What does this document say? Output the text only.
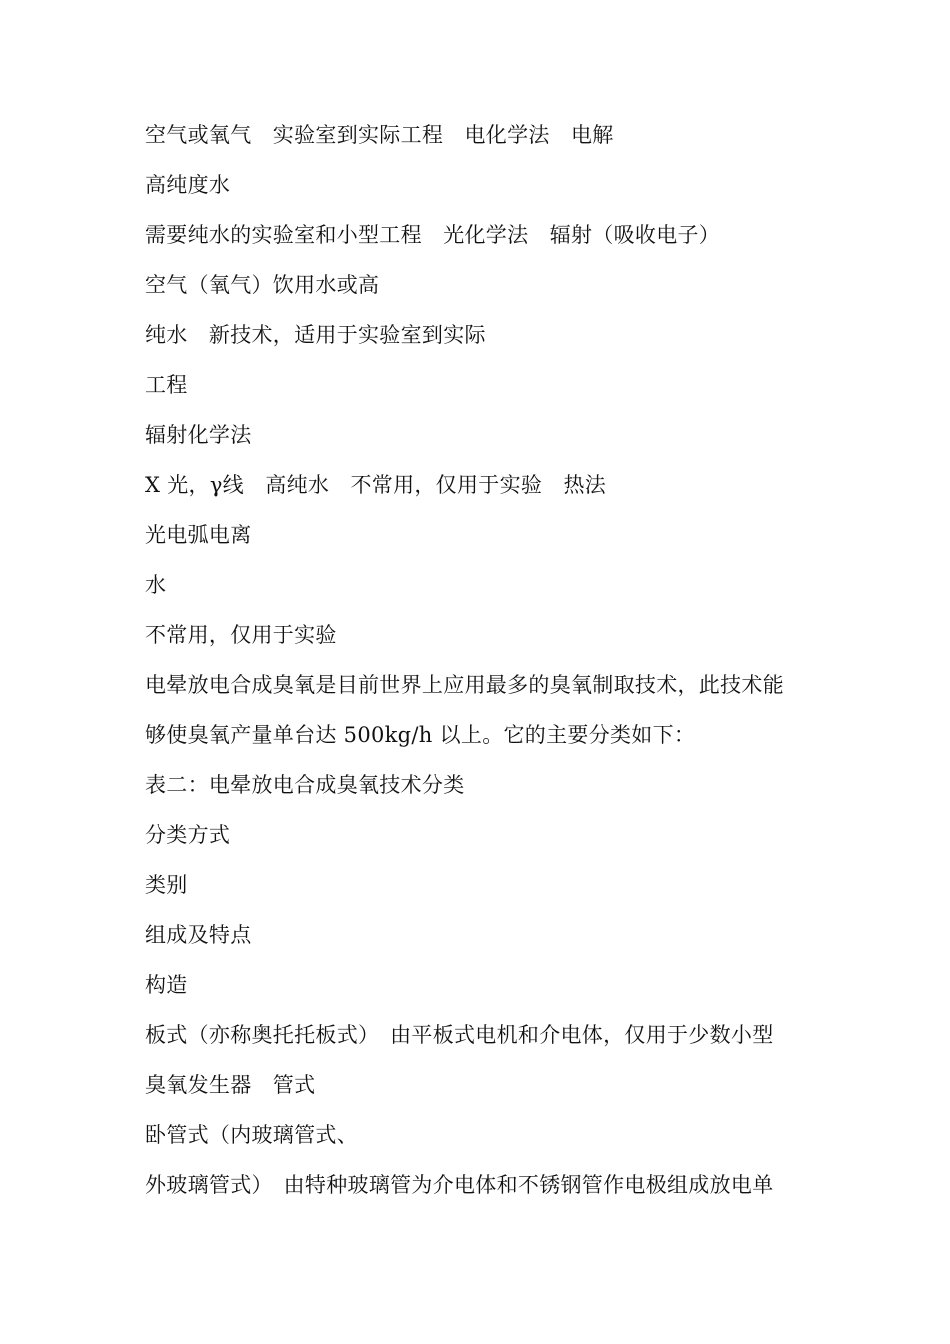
空气或氧气　实验室到实际工程　电化学法　电解
高纯度水
需要纯水的实验室和小型工程　光化学法　辐射（吸收电子）
空气（氧气）饮用水或高
纯水　新技术，适用于实验室到实际
工程
辐射化学法
X 光，γ线　高纯水　不常用，仅用于实验　热法
光电弧电离
水
不常用，仅用于实验
电晕放电合成臭氧是目前世界上应用最多的臭氧制取技术，此技术能
够使臭氧产量单台达 500kg/h 以上。它的主要分类如下：
表二：电晕放电合成臭氧技术分类
分类方式
类别
组成及特点
构造
板式（亦称奥托托板式）　由平板式电机和介电体，仅用于少数小型
臭氧发生器　管式
卧管式（内玻璃管式、
外玻璃管式）　由特种玻璃管为介电体和不锈钢管作电极组成放电单
